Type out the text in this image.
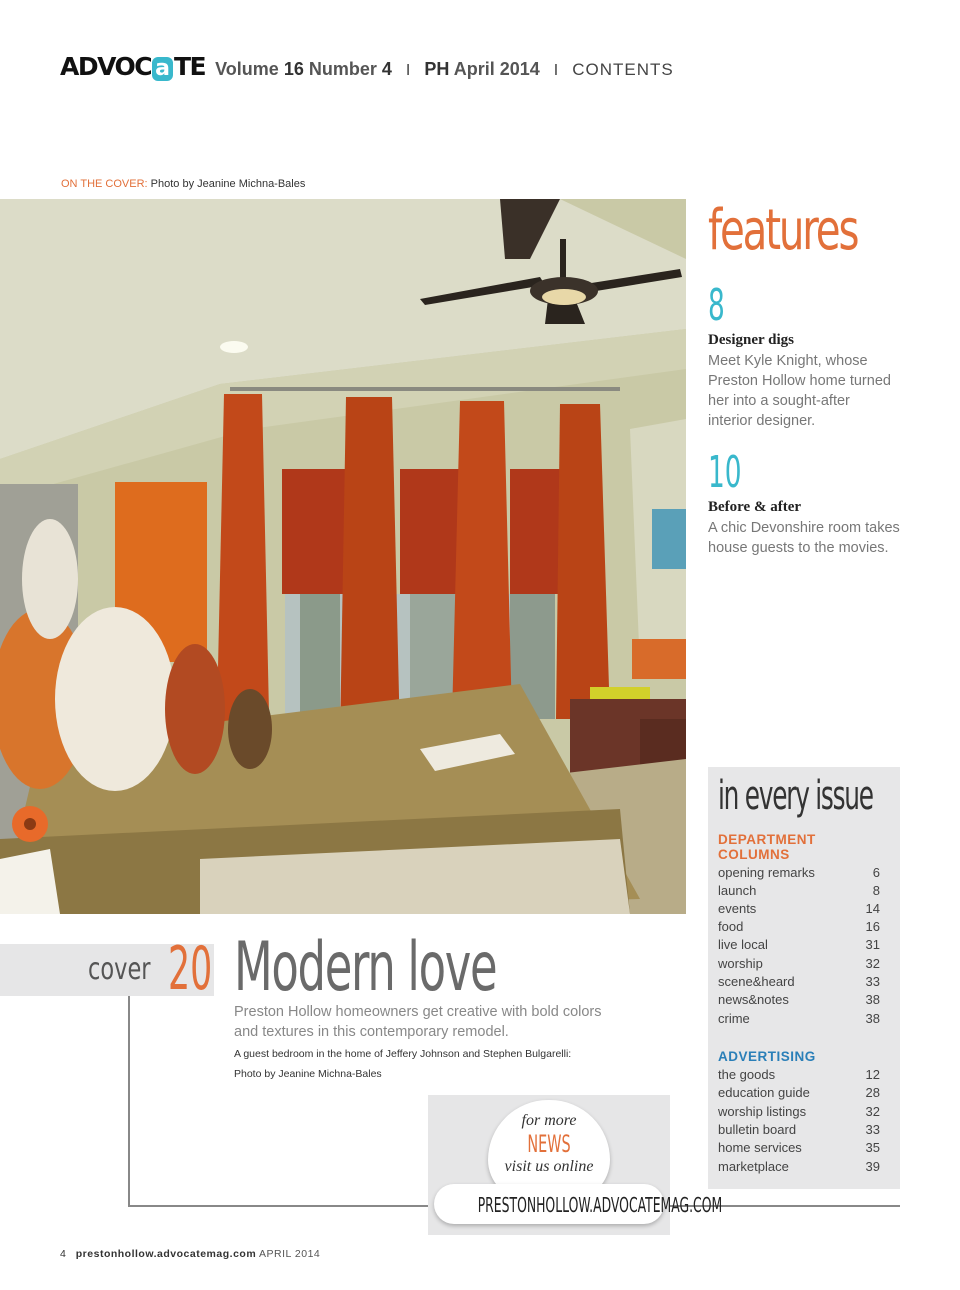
ADVOC a TE Volume 16 Number 4 I PH April 2014 I CONTENTS
ON THE COVER: Photo by Jeanine Michna-Bales
features
8
Designer digs
Meet Kyle Knight, whose Preston Hollow home turned her into a sought-after interior designer.
10
Before & after
A chic Devonshire room takes house guests to the movies.
in every issue
DEPARTMENT COLUMNS
opening remarks	6
launch	8
events	14
food	16
live local	31
worship	32
scene&heard	33
news&notes	38
crime	38
ADVERTISING
the goods	12
education guide	28
worship listings	32
bulletin board	33
home services	35
marketplace	39
cover 20 Modern love
Preston Hollow homeowners get creative with bold colors and textures in this contemporary remodel.
A guest bedroom in the home of Jeffery Johnson and Stephen Bulgarelli: Photo by Jeanine Michna-Bales
for more
NEWS
visit us online
PRESTONHOLLOW.ADVOCATEMAG.COM
4 prestonhollow.advocatemag.com APRIL 2014
